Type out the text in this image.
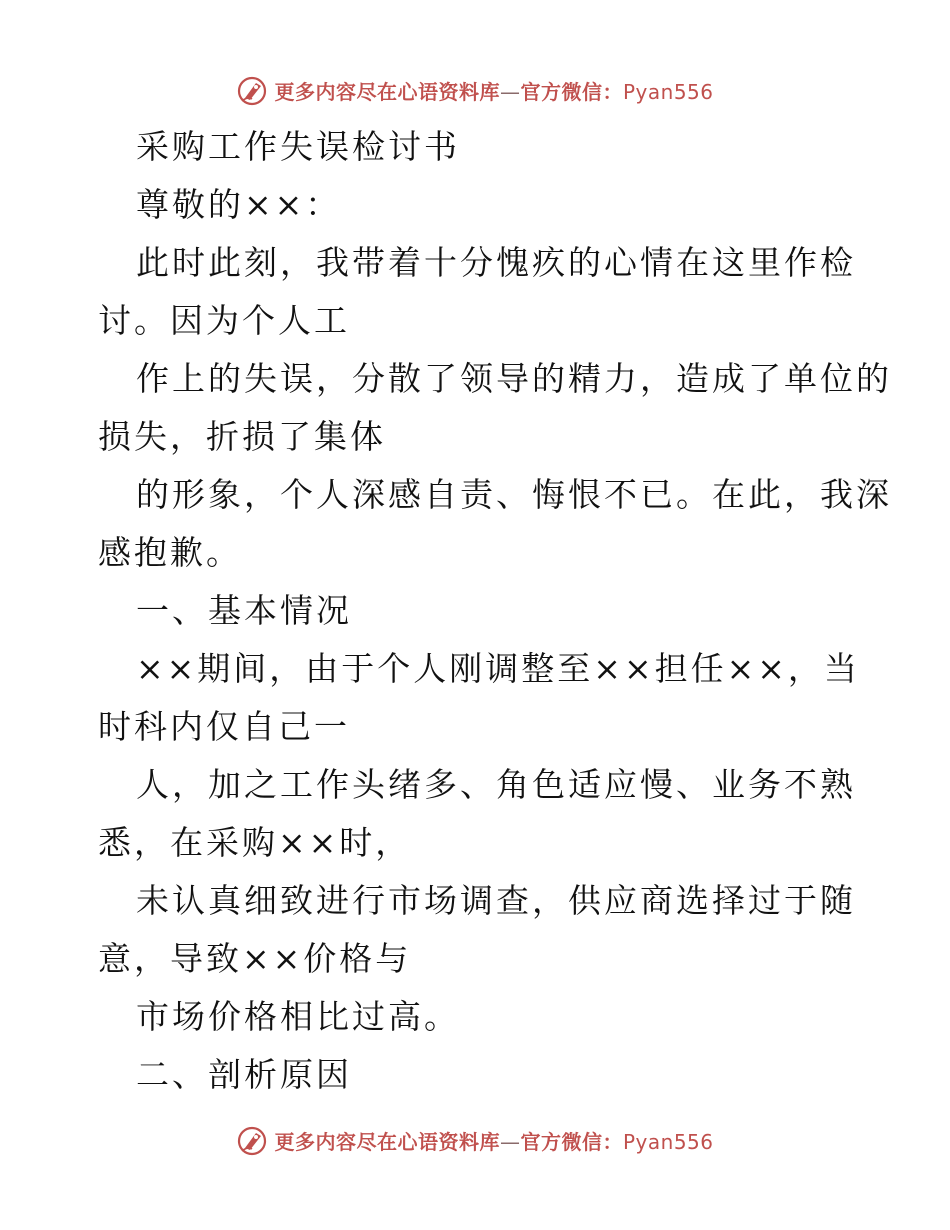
更多内容尽在心语资料库—官方微信：Pyan556
采购工作失误检讨书
尊敬的××：
此时此刻，我带着十分愧疚的心情在这里作检
讨。因为个人工
作上的失误，分散了领导的精力，造成了单位的
损失，折损了集体
的形象，个人深感自责、悔恨不已。在此，我深
感抱歉。
一、基本情况
××期间，由于个人刚调整至××担任××，当
时科内仅自己一
人，加之工作头绪多、角色适应慢、业务不熟
悉，在采购××时，
未认真细致进行市场调查，供应商选择过于随
意，导致××价格与
市场价格相比过高。
二、剖析原因
更多内容尽在心语资料库—官方微信：Pyan556
